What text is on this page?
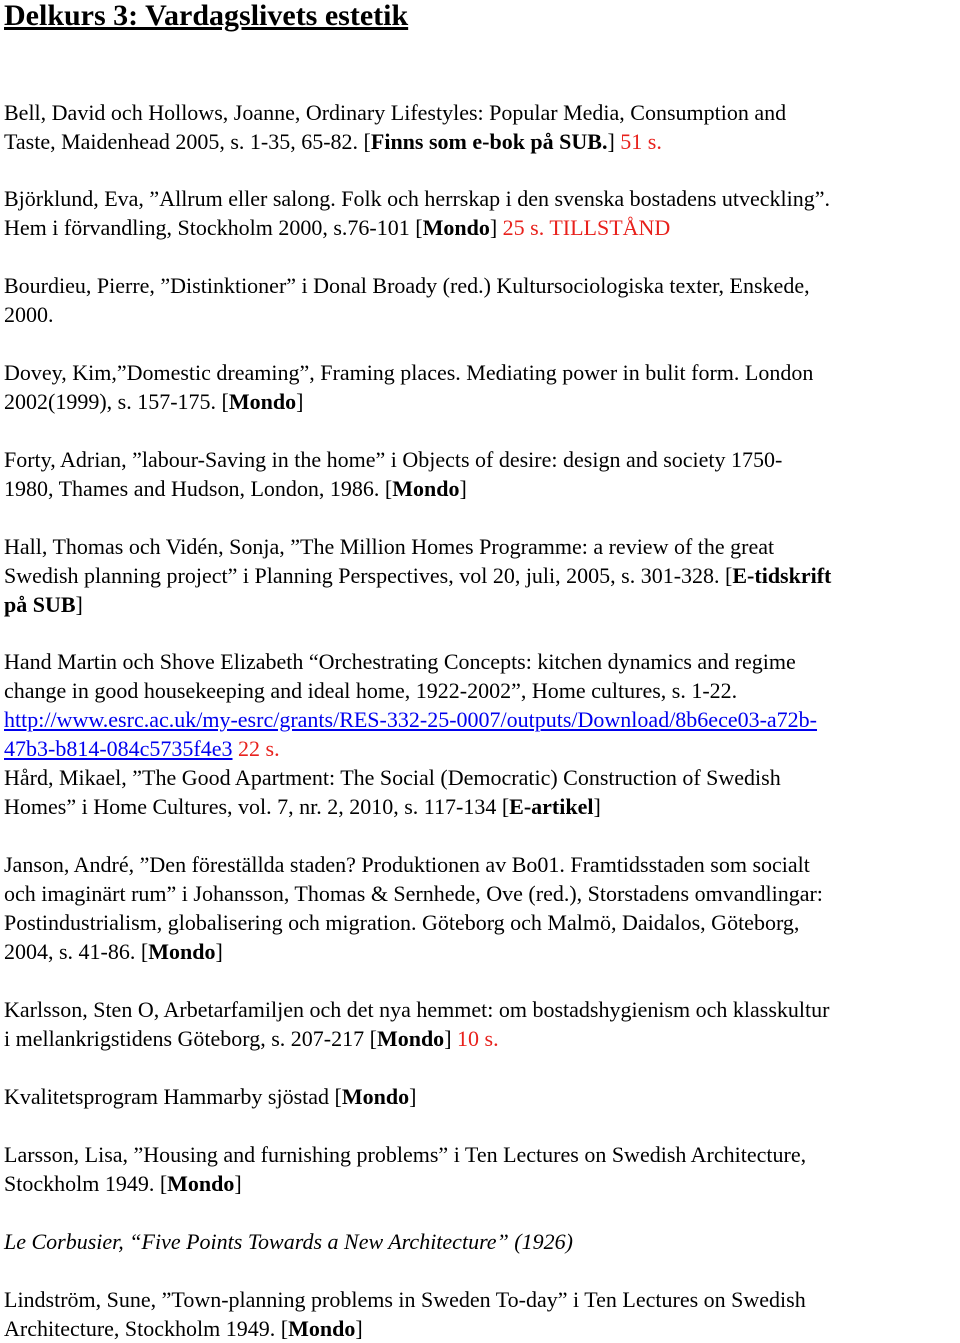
Delkurs 3: Vardagslivets estetik

Bell, David och Hollows, Joanne, Ordinary Lifestyles: Popular Media, Consumption and
Taste, Maidenhead 2005, s. 1-35, 65-82. [Finns som e-bok på SUB.] 51 s.

Björklund, Eva, ”Allrum eller salong. Folk och herrskap i den svenska bostadens utveckling”.
Hem i förvandling, Stockholm 2000, s.76-101 [Mondo] 25 s. TILLSTÅND

Bourdieu, Pierre, ”Distinktioner” i Donal Broady (red.) Kultursociologiska texter, Enskede,
2000.

Dovey, Kim,”Domestic dreaming”, Framing places. Mediating power in bulit form. London
2002(1999), s. 157-175. [Mondo]

Forty, Adrian, ”labour-Saving in the home” i Objects of desire: design and society 1750-
1980, Thames and Hudson, London, 1986. [Mondo]

Hall, Thomas och Vidén, Sonja, ”The Million Homes Programme: a review of the great
Swedish planning project” i Planning Perspectives, vol 20, juli, 2005, s. 301-328. [E-tidskrift
på SUB]

Hand Martin och Shove Elizabeth “Orchestrating Concepts: kitchen dynamics and regime
change in good housekeeping and ideal home, 1922-2002”, Home cultures, s. 1-22.
http://www.esrc.ac.uk/my-esrc/grants/RES-332-25-0007/outputs/Download/8b6ece03-a72b-
47b3-b814-084c5735f4e3 22 s.

Hård, Mikael, ”The Good Apartment: The Social (Democratic) Construction of Swedish
Homes” i Home Cultures, vol. 7, nr. 2, 2010, s. 117-134 [E-artikel]

Janson, André, ”Den föreställda staden? Produktionen av Bo01. Framtidsstaden som socialt
och imaginärt rum” i Johansson, Thomas & Sernhede, Ove (red.), Storstadens omvandlingar:
Postindustrialism, globalisering och migration. Göteborg och Malmö, Daidalos, Göteborg,
2004, s. 41-86. [Mondo]

Karlsson, Sten O, Arbetarfamiljen och det nya hemmet: om bostadshygienism och klasskultur
i mellankrigstidens Göteborg, s. 207-217 [Mondo] 10 s.

Kvalitetsprogram Hammarby sjöstad [Mondo]

Larsson, Lisa, ”Housing and furnishing problems” i Ten Lectures on Swedish Architecture,
Stockholm 1949. [Mondo]

Le Corbusier, “Five Points Towards a New Architecture” (1926)

Lindström, Sune, ”Town-planning problems in Sweden To-day” i Ten Lectures on Swedish
Architecture, Stockholm 1949. [Mondo]
